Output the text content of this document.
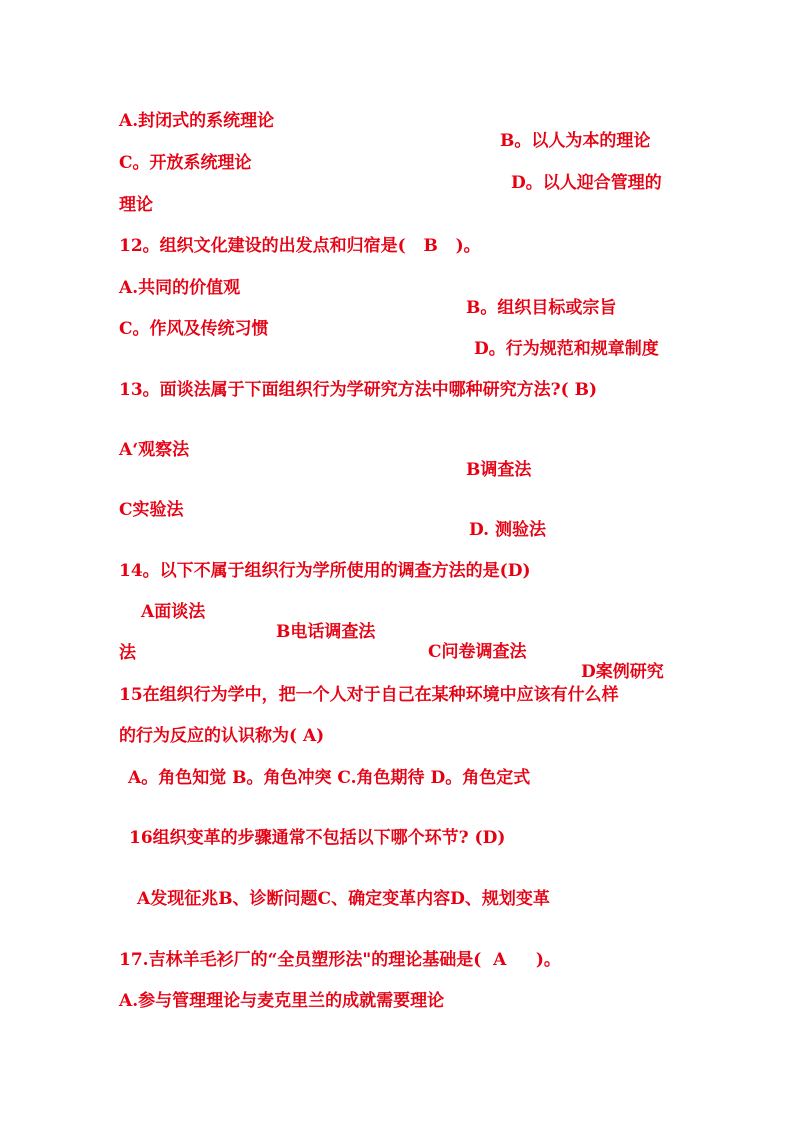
A.封闭式的系统理论

B。以人为本的理论

C。开放系统理论

D。以人迎合管理的

理论

12。组织文化建设的出发点和归宿是(   B   )。

A.共同的价值观

B。组织目标或宗旨

C。作风及传统习惯

D。行为规范和规章制度

13。面谈法属于下面组织行为学研究方法中哪种研究方法?( B)

A‘观察法

B调查法

C实验法

D. 测验法

14。以下不属于组织行为学所使用的调查方法的是(D)

A面谈法

B电话调查法

C问卷调查法

D案例研究

法

15在组织行为学中，把一个人对于自己在某种环境中应该有什么样

的行为反应的认识称为( A)

A。角色知觉 B。角色冲突 C.角色期待 D。角色定式

16组织变革的步骤通常不包括以下哪个环节? (D)

A发现征兆B、诊断问题C、确定变革内容D、规划变革

17.吉林羊毛衫厂的“全员塑形法"的理论基础是(  A     )。

A.参与管理理论与麦克里兰的成就需要理论
